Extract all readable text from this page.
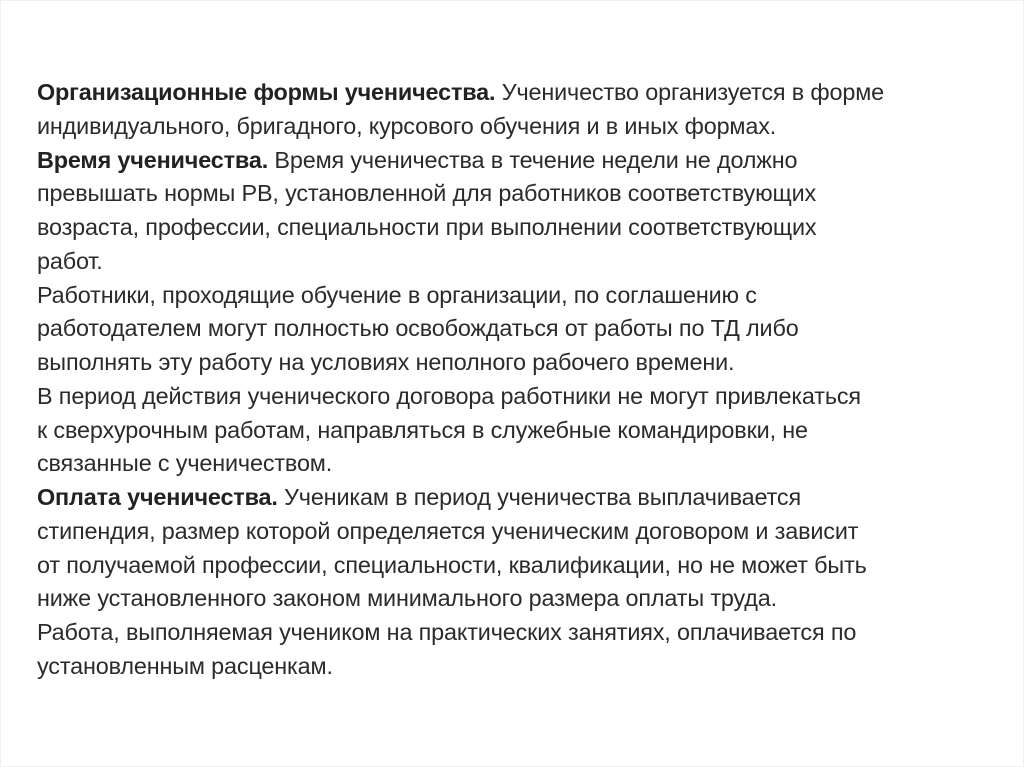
Организационные формы ученичества. Ученичество организуется в форме
индивидуального, бригадного, курсового обучения и в иных формах.

Время ученичества. Время ученичества в течение недели не должно
превышать нормы РВ, установленной для работников соответствующих
возраста, профессии, специальности при выполнении соответствующих
работ.

Работники, проходящие обучение в организации, по соглашению с
работодателем могут полностью освобождаться от работы по ТД либо
выполнять эту работу на условиях неполного рабочего времени.

В период действия ученического договора работники не могут привлекаться
к сверхурочным работам, направляться в служебные командировки, не
связанные с ученичеством.

Оплата ученичества. Ученикам в период ученичества выплачивается
стипендия, размер которой определяется ученическим договором и зависит
от получаемой профессии, специальности, квалификации, но не может быть
ниже установленного законом минимального размера оплаты труда.

Работа, выполняемая учеником на практических занятиях, оплачивается по
установленным расценкам.
